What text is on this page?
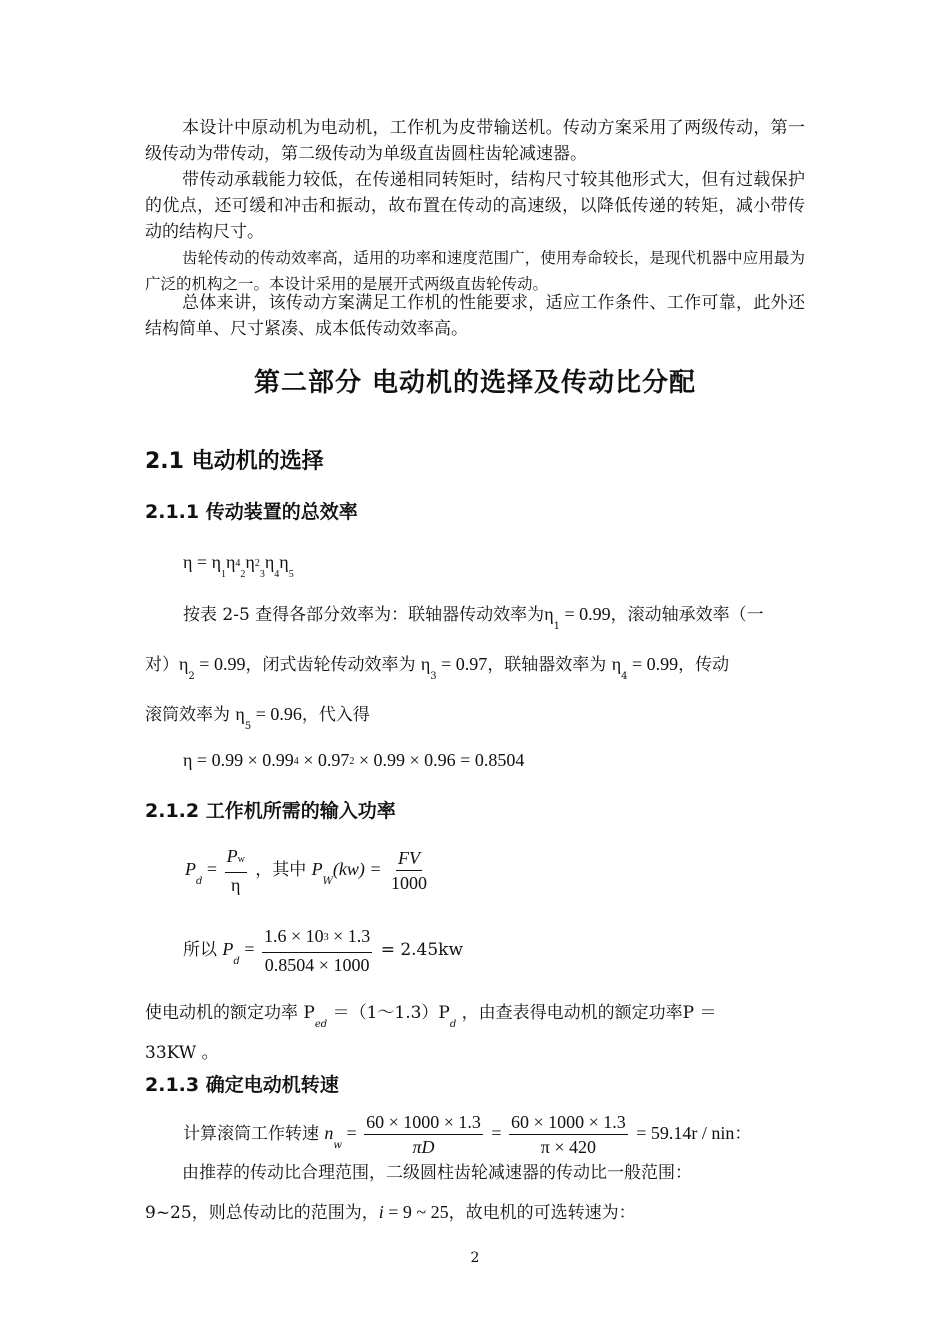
本设计中原动机为电动机，工作机为皮带输送机。传动方案采用了两级传动，第一级传动为带传动，第二级传动为单级直齿圆柱齿轮减速器。

带传动承载能力较低，在传递相同转矩时，结构尺寸较其他形式大，但有过载保护的优点，还可缓和冲击和振动，故布置在传动的高速级，以降低传递的转矩，减小带传动的结构尺寸。

齿轮传动的传动效率高，适用的功率和速度范围广，使用寿命较长，是现代机器中应用最为广泛的机构之一。本设计采用的是展开式两级直齿轮传动。

总体来讲，该传动方案满足工作机的性能要求，适应工作条件、工作可靠，此外还结构简单、尺寸紧凑、成本低传动效率高。

第二部分 电动机的选择及传动比分配
2.1 电动机的选择
2.1.1 传动装置的总效率
$\eta = \eta_1\eta 4_2\eta 2_3\eta_4\eta_5$
按表 2-5 查得各部分效率为：联轴器传动效率为$\eta_1 = 0.99$，滚动轴承效率（一
对）$\eta_2 = 0.99$，闭式齿轮传动效率为 $\eta_3 = 0.97$，联轴器效率为 $\eta_4 = 0.99$，传动
滚筒效率为 $\eta_5 = 0.96$，代入得
η = 0.99 × 0.994 × 0.972 × 0.99 × 0.96 = 0.8504
2.1.2 工作机所需的输入功率
$P_d = \frac{Pw}{\eta}$ ，其中 $P_W(kw) = \frac{FV}{1000}$
所以 $P_d = \frac{1.6 \times 103 \times 1.3}{0.8504 \times 1000} = 2.45kw$
使电动机的额定功率 $P_{ed}$ $=(1\sim 1.3)P_d$ ，由查表得电动机的额定功率P ＝
33KW 。
2.1.3 确定电动机转速
计算滚筒工作转速 $n_w = \frac{60 \times 1000 \times 1.3}{\pi D} = \frac{60 \times 1000 \times 1.3}{\pi \times 420} = 59.14r$ / nin：

由推荐的传动比合理范围，二级圆柱齿轮减速器的传动比一般范围：

9~25，则总传动比的范围为，i = 9 ~ 25，故电机的可选转速为：
2
